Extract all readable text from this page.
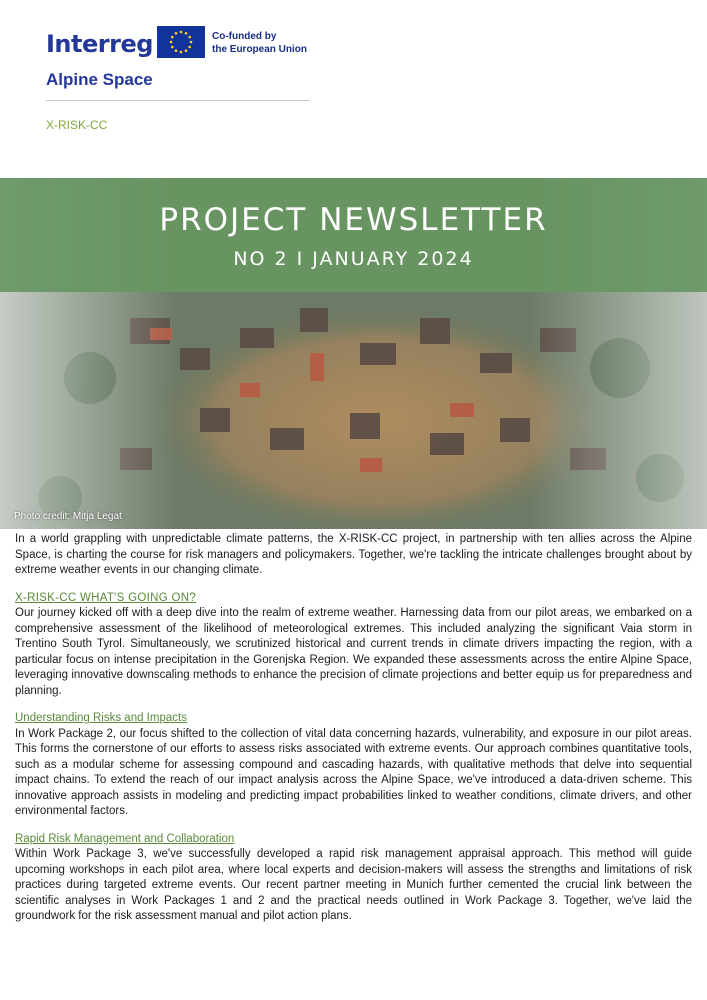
Interreg	Co-funded by
the European Union
Alpine Space
X-RISK-CC
PROJECT NEWSLETTER
NO 2 I JANUARY 2024
Photo credit: Mitja Legat

In a world grappling with unpredictable climate patterns, the X-RISK-CC project, in partnership with ten allies across the Alpine Space, is charting the course for risk managers and policymakers. Together, we're tackling the intricate challenges brought about by extreme weather events in our changing climate.

X-RISK-CC WHAT'S GOING ON?

Our journey kicked off with a deep dive into the realm of extreme weather. Harnessing data from our pilot areas, we embarked on a comprehensive assessment of the likelihood of meteorological extremes. This included analyzing the significant Vaia storm in Trentino South Tyrol. Simultaneously, we scrutinized historical and current trends in climate drivers impacting the region, with a particular focus on intense precipitation in the Gorenjska Region. We expanded these assessments across the entire Alpine Space, leveraging innovative downscaling methods to enhance the precision of climate projections and better equip us for preparedness and planning.

Understanding Risks and Impacts

In Work Package 2, our focus shifted to the collection of vital data concerning hazards, vulnerability, and exposure in our pilot areas. This forms the cornerstone of our efforts to assess risks associated with extreme events. Our approach combines quantitative tools, such as a modular scheme for assessing compound and cascading hazards, with qualitative methods that delve into sequential impact chains. To extend the reach of our impact analysis across the Alpine Space, we've introduced a data-driven scheme. This innovative approach assists in modeling and predicting impact probabilities linked to weather conditions, climate drivers, and other environmental factors.

Rapid Risk Management and Collaboration

Within Work Package 3, we've successfully developed a rapid risk management appraisal approach. This method will guide upcoming workshops in each pilot area, where local experts and decision-makers will assess the strengths and limitations of risk practices during targeted extreme events. Our recent partner meeting in Munich further cemented the crucial link between the scientific analyses in Work Packages 1 and 2 and the practical needs outlined in Work Package 3. Together, we've laid the groundwork for the risk assessment manual and pilot action plans.
